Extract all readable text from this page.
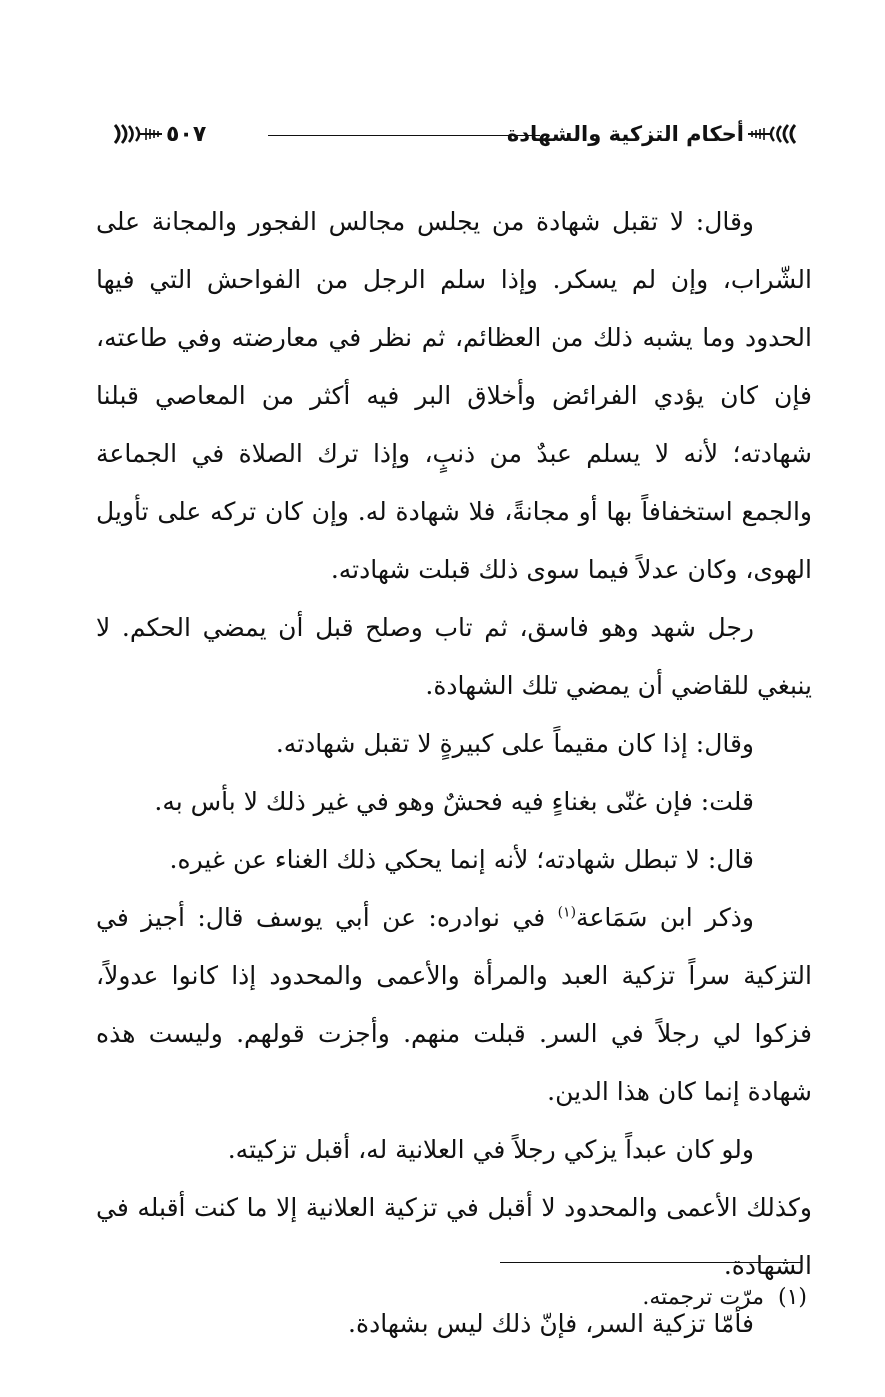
أحكام التزكية والشهادة
٥٠٧

وقال: لا تقبل شهادة من يجلس مجالس الفجور والمجانة على الشّراب، وإن لم يسكر. وإذا سلم الرجل من الفواحش التي فيها الحدود وما يشبه ذلك من العظائم، ثم نظر في معارضته وفي طاعته، فإن كان يؤدي الفرائض وأخلاق البر فيه أكثر من المعاصي قبلنا شهادته؛ لأنه لا يسلم عبدٌ من ذنبٍ، وإذا ترك الصلاة في الجماعة والجمع استخفافاً بها أو مجانةً، فلا شهادة له. وإن كان تركه على تأويل الهوى، وكان عدلاً فيما سوى ذلك قبلت شهادته.

رجل شهد وهو فاسق، ثم تاب وصلح قبل أن يمضي الحكم. لا ينبغي للقاضي أن يمضي تلك الشهادة.

وقال: إذا كان مقيماً على كبيرةٍ لا تقبل شهادته.

قلت: فإن غنّى بغناءٍ فيه فحشٌ وهو في غير ذلك لا بأس به.

قال: لا تبطل شهادته؛ لأنه إنما يحكي ذلك الغناء عن غيره.

وذكر ابن سَمَاعة$^{(١)}$ في نوادره: عن أبي يوسف قال: أجيز في التزكية سراً تزكية العبد والمرأة والأعمى والمحدود إذا كانوا عدولاً، فزكوا لي رجلاً في السر. قبلت منهم. وأجزت قولهم. وليست هذه شهادة إنما كان هذا الدين.

ولو كان عبداً يزكي رجلاً في العلانية له، أقبل تزكيته.

وكذلك الأعمى والمحدود لا أقبل في تزكية العلانية إلا ما كنت أقبله في الشهادة.

فأمّا تزكية السر، فإنّ ذلك ليس بشهادة.

(١)مرّت ترجمته.
